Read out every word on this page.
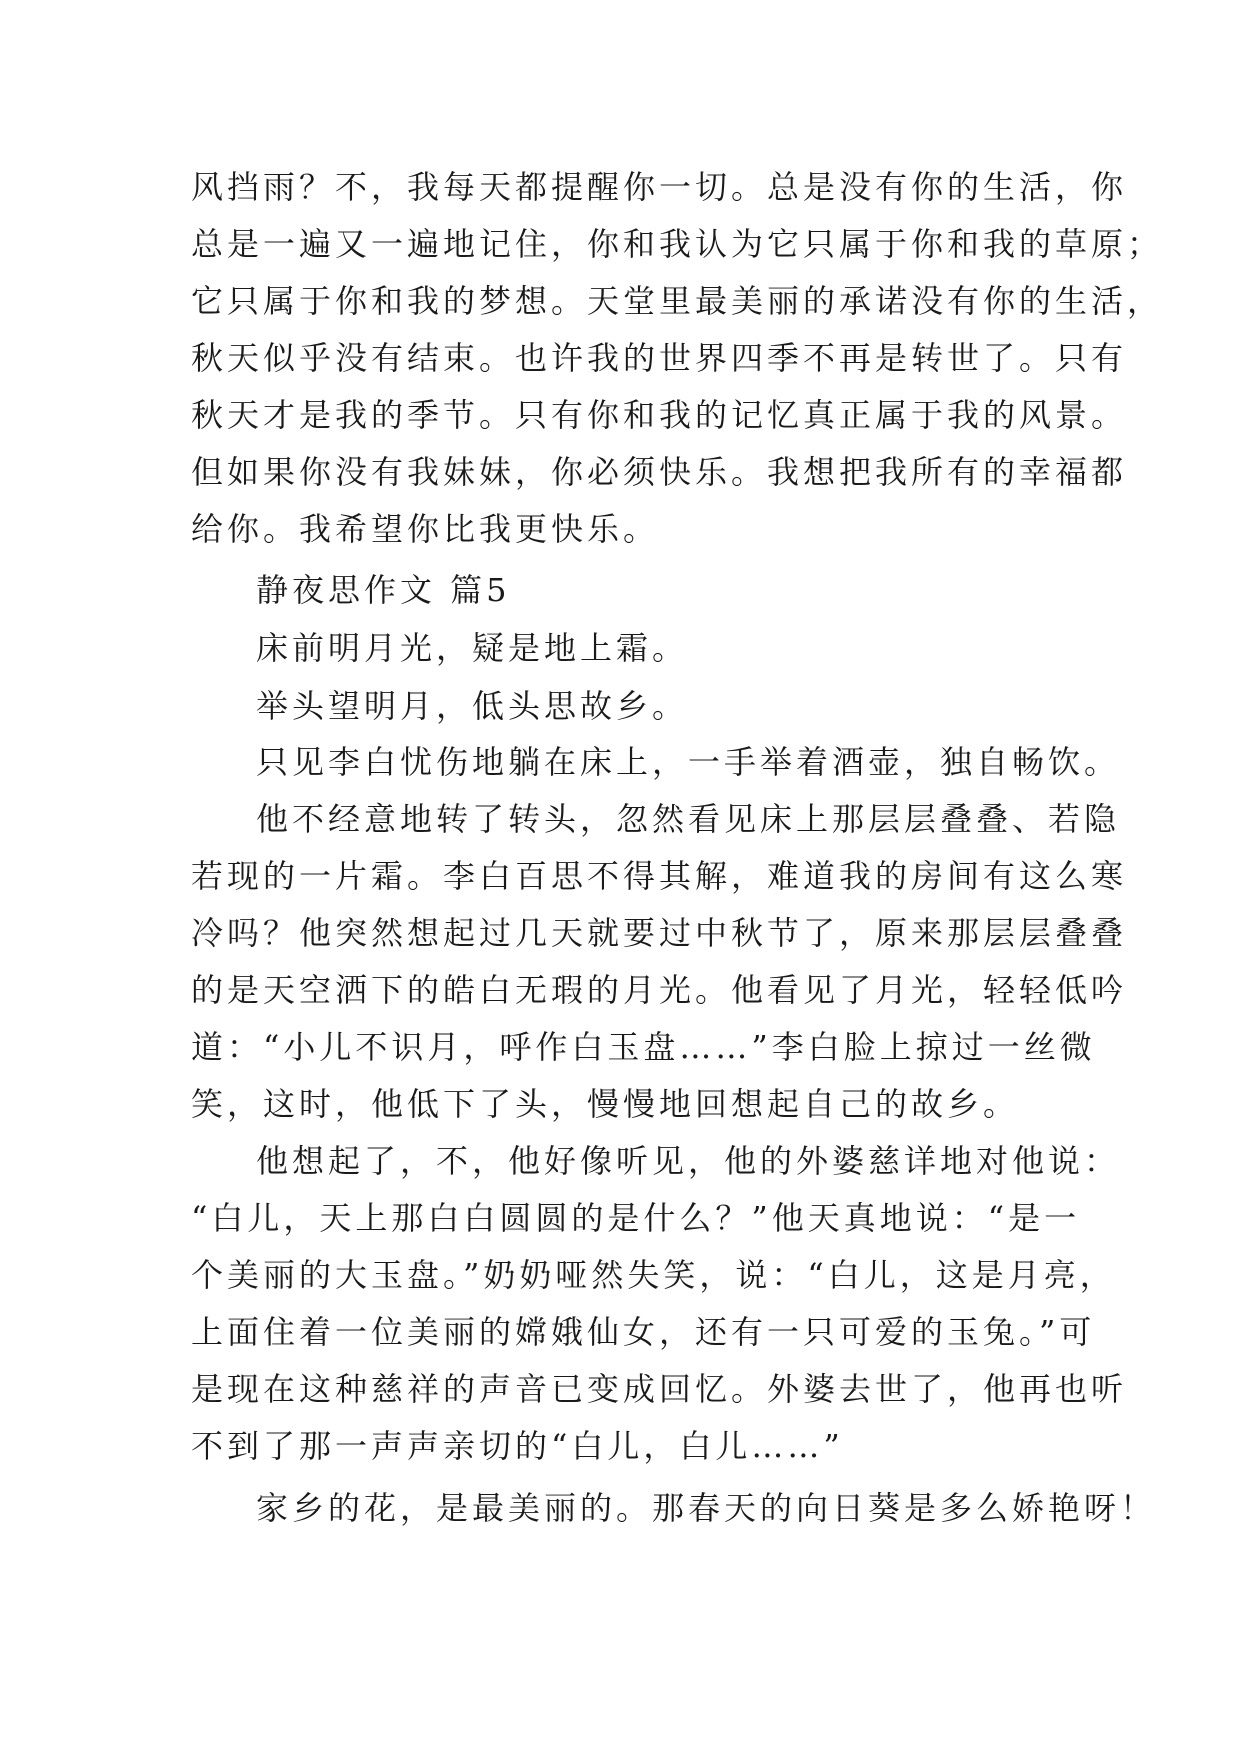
风挡雨？不，我每天都提醒你一切。总是没有你的生活，你
总是一遍又一遍地记住，你和我认为它只属于你和我的草原；
它只属于你和我的梦想。天堂里最美丽的承诺没有你的生活，
秋天似乎没有结束。也许我的世界四季不再是转世了。只有
秋天才是我的季节。只有你和我的记忆真正属于我的风景。
但如果你没有我妹妹，你必须快乐。我想把我所有的幸福都
给你。我希望你比我更快乐。
静夜思作文 篇5
床前明月光，疑是地上霜。
举头望明月，低头思故乡。
只见李白忧伤地躺在床上，一手举着酒壶，独自畅饮。
他不经意地转了转头，忽然看见床上那层层叠叠、若隐
若现的一片霜。李白百思不得其解，难道我的房间有这么寒
冷吗？他突然想起过几天就要过中秋节了，原来那层层叠叠
的是天空洒下的皓白无瑕的月光。他看见了月光，轻轻低吟
道：“小儿不识月，呼作白玉盘……”李白脸上掠过一丝微
笑，这时，他低下了头，慢慢地回想起自己的故乡。
他想起了，不，他好像听见，他的外婆慈详地对他说：
“白儿，天上那白白圆圆的是什么？”他天真地说：“是一
个美丽的大玉盘。”奶奶哑然失笑，说：“白儿，这是月亮，
上面住着一位美丽的嫦娥仙女，还有一只可爱的玉兔。”可
是现在这种慈祥的声音已变成回忆。外婆去世了，他再也听
不到了那一声声亲切的“白儿，白儿……”
家乡的花，是最美丽的。那春天的向日葵是多么娇艳呀！
